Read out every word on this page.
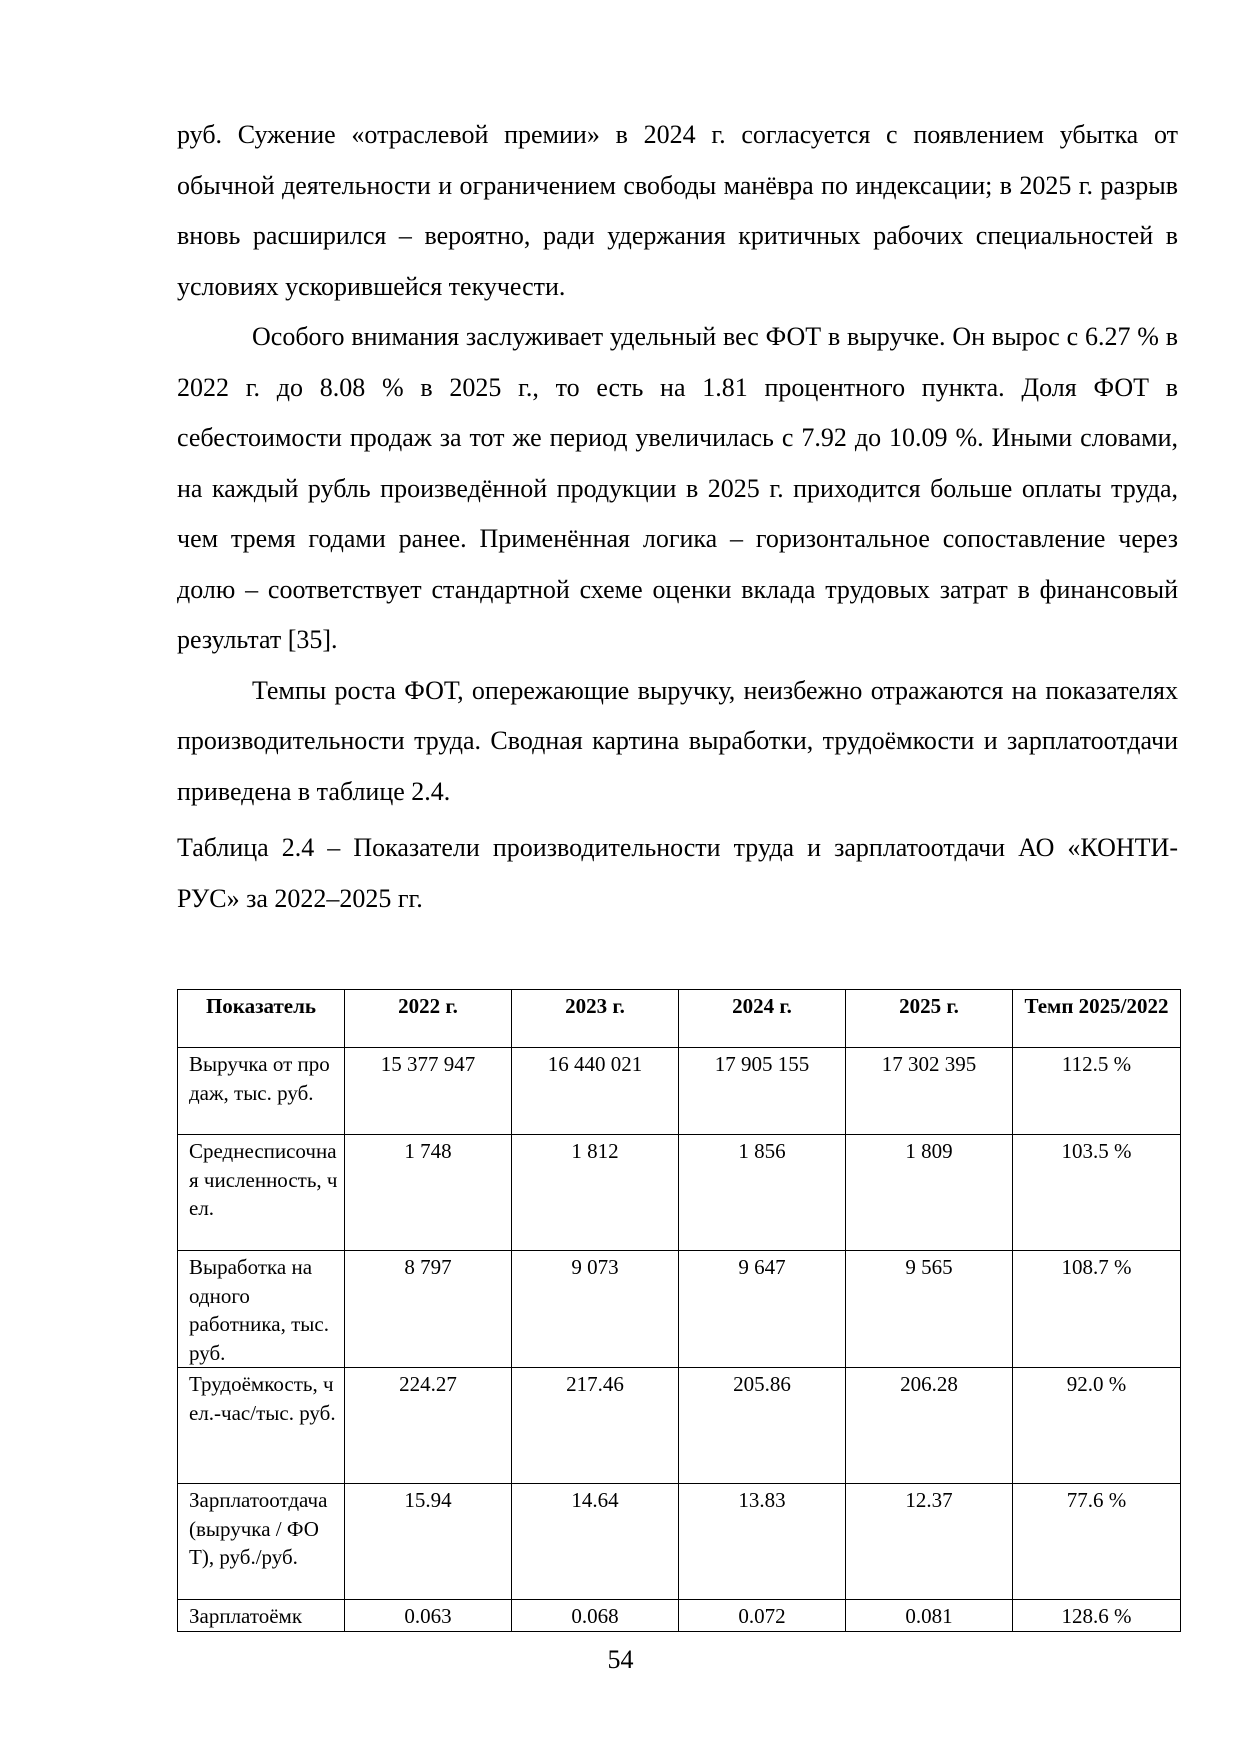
руб. Сужение «отраслевой премии» в 2024 г. согласуется с появлением убытка от обычной деятельности и ограничением свободы манёвра по индексации; в 2025 г. разрыв вновь расширился – вероятно, ради удержания критичных рабочих специальностей в условиях ускорившейся текучести.

Особого внимания заслуживает удельный вес ФОТ в выручке. Он вырос с 6.27 % в 2022 г. до 8.08 % в 2025 г., то есть на 1.81 процентного пункта. Доля ФОТ в себестоимости продаж за тот же период увеличилась с 7.92 до 10.09 %. Иными словами, на каждый рубль произведённой продукции в 2025 г. приходится больше оплаты труда, чем тремя годами ранее. Применённая логика – горизонтальное сопоставление через долю – соответствует стандартной схеме оценки вклада трудовых затрат в финансовый результат [35].

Темпы роста ФОТ, опережающие выручку, неизбежно отражаются на показателях производительности труда. Сводная картина выработки, трудоёмкости и зарплатоотдачи приведена в таблице 2.4.

Таблица 2.4 – Показатели производительности труда и зарплатоотдачи АО «КОНТИ-РУС» за 2022–2025 гг.

Показатель	2022 г.	2023 г.	2024 г.	2025 г.	Темп 2025/2022
Выручка от продаж, тыс. руб.	15 377 947	16 440 021	17 905 155	17 302 395	112.5 %
Среднесписочная численность, чел.	1 748	1 812	1 856	1 809	103.5 %
Выработка на одного работника, тыс. руб.	8 797	9 073	9 647	9 565	108.7 %
Трудоёмкость, чел.-час/тыс. руб.	224.27	217.46	205.86	206.28	92.0 %
Зарплатоотдача (выручка / ФОТ), руб./руб.	15.94	14.64	13.83	12.37	77.6 %
Зарплатоёмк	0.063	0.068	0.072	0.081	128.6 %
54
